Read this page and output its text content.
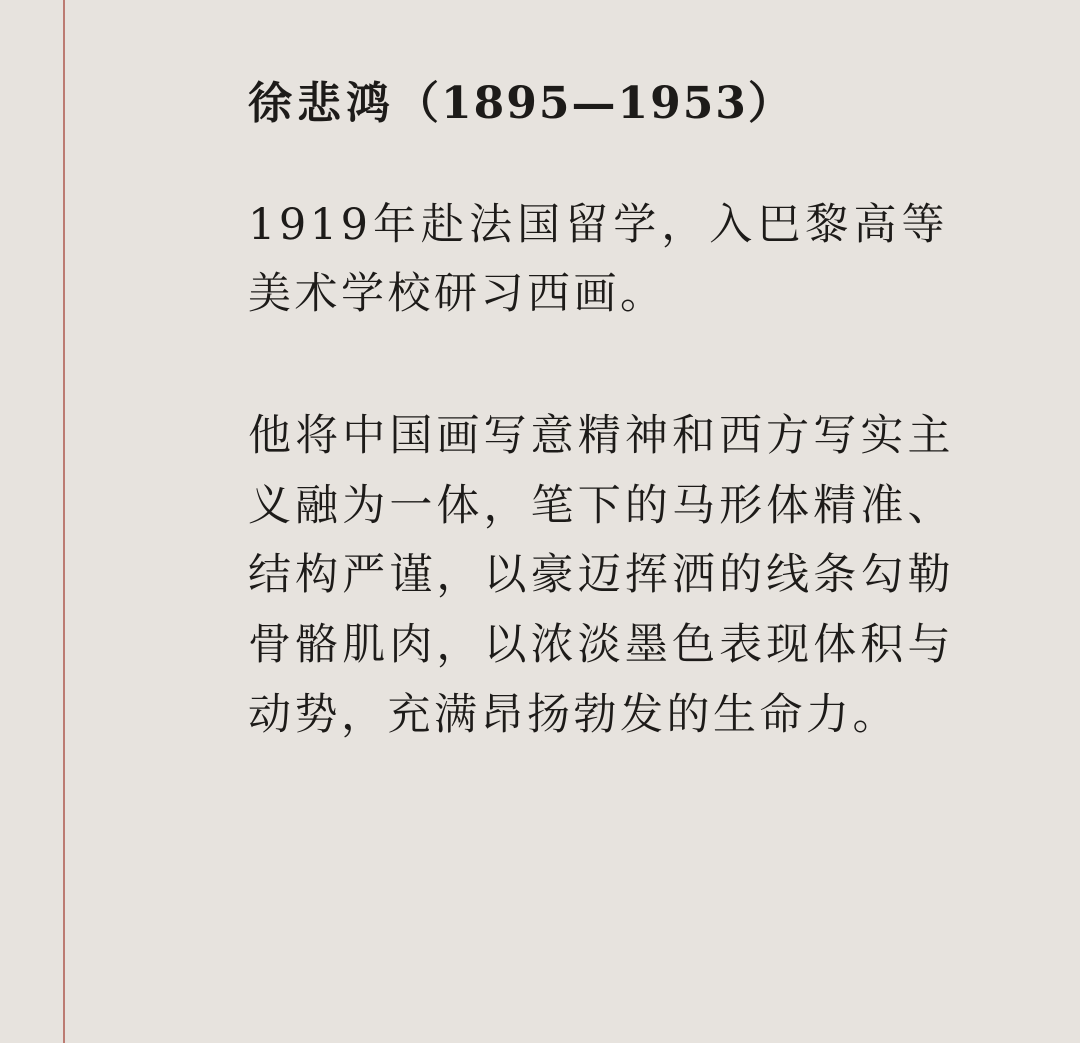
徐悲鸿（1895—1953）

1919年赴法国留学，入巴黎高等美术学校研习西画。

他将中国画写意精神和西方写实主义融为一体，笔下的马形体精准、结构严谨，以豪迈挥洒的线条勾勒骨骼肌肉，以浓淡墨色表现体积与动势，充满昂扬勃发的生命力。
